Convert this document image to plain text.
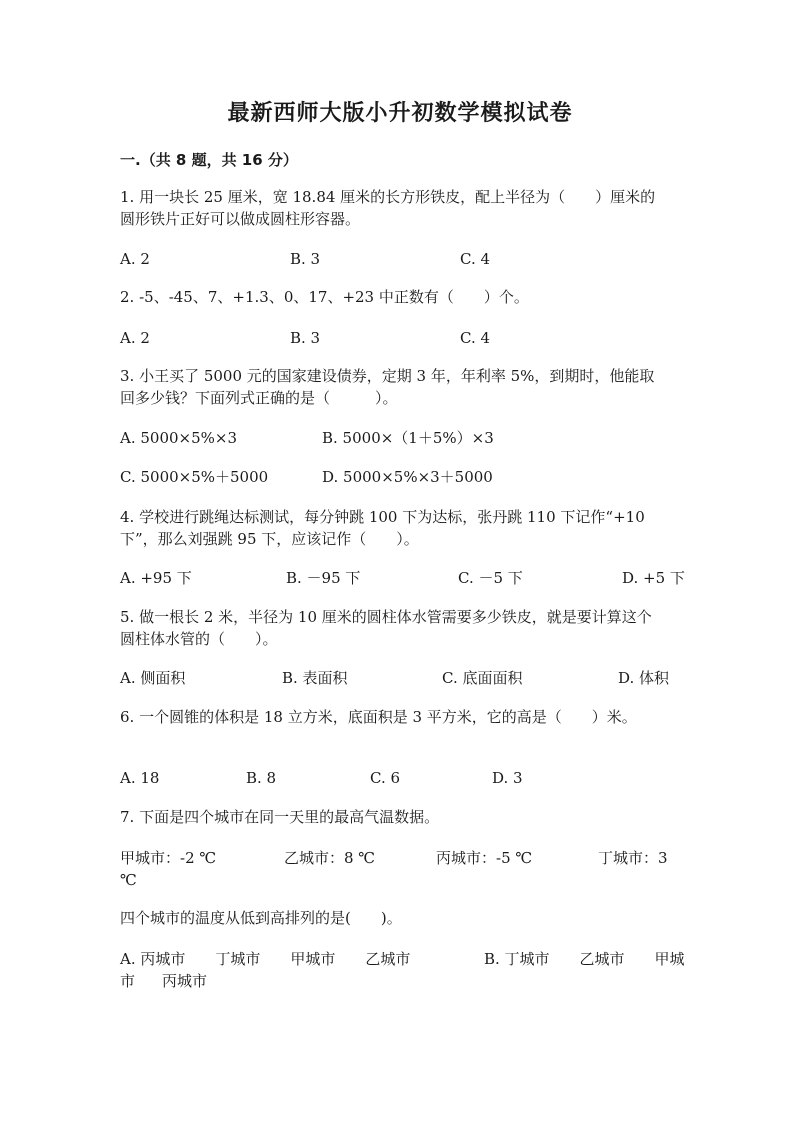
最新西师大版小升初数学模拟试卷
一.（共 8 题，共 16 分）
1. 用一块长 25 厘米，宽 18.84 厘米的长方形铁皮，配上半径为（　　）厘米的
圆形铁片正好可以做成圆柱形容器。
A. 2	B. 3	C. 4
2. -5、-45、7、+1.3、0、17、+23 中正数有（　　）个。
A. 2	B. 3	C. 4
3. 小王买了 5000 元的国家建设债券，定期 3 年，年利率 5%，到期时，他能取
回多少钱？下面列式正确的是（　　　）。
A. 5000×5%×3	B. 5000×（1＋5%）×3
C. 5000×5%＋5000	D. 5000×5%×3＋5000
4. 学校进行跳绳达标测试，每分钟跳 100 下为达标，张丹跳 110 下记作“+10
下”，那么刘强跳 95 下，应该记作（　　）。
A. +95 下	B. －95 下	C. －5 下	D. +5 下
5. 做一根长 2 米，半径为 10 厘米的圆柱体水管需要多少铁皮，就是要计算这个
圆柱体水管的（　　）。
A. 侧面积	B. 表面积	C. 底面面积	D. 体积
6. 一个圆锥的体积是 18 立方米，底面积是 3 平方米，它的高是（　　）米。
A. 18	B. 8	C. 6	D. 3
7. 下面是四个城市在同一天里的最高气温数据。
甲城市：-2 ℃	乙城市：8 ℃	丙城市：-5 ℃	丁城市：3
℃
四个城市的温度从低到高排列的是(　　)。
A. 丙城市　　丁城市　　甲城市　　乙城市	B. 丁城市　　乙城市　　甲城
市 丙城市
